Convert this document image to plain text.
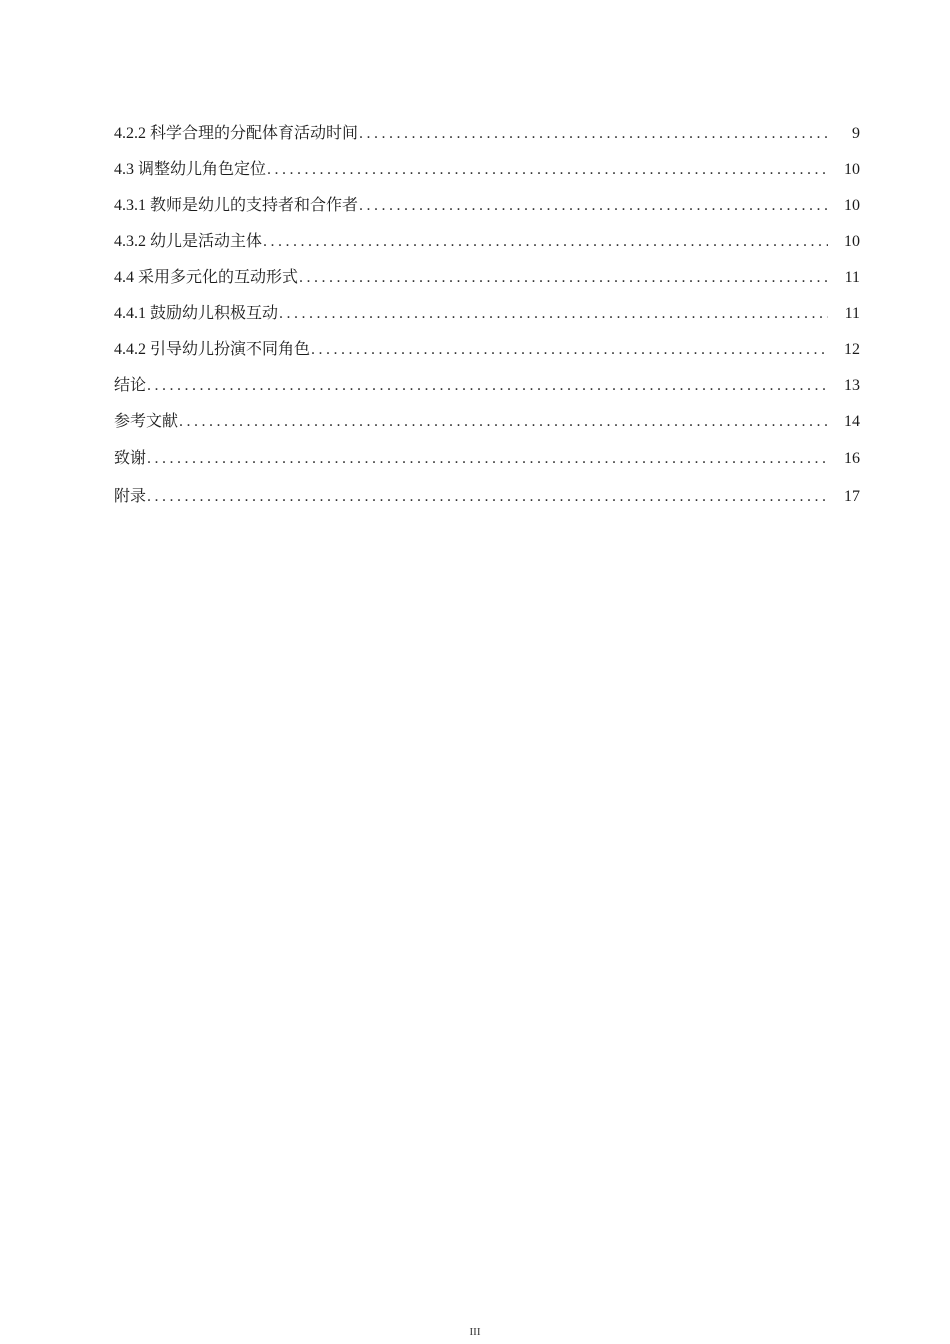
4.2.2 科学合理的分配体育活动时间 . . .	9
4.3 调整幼儿角色定位 . . .	10
4.3.1 教师是幼儿的支持者和合作者 . . .	10
4.3.2 幼儿是活动主体 . . .	10
4.4 采用多元化的互动形式 . . .	11
4.4.1 鼓励幼儿积极互动 . . .	11
4.4.2 引导幼儿扮演不同角色 . . .	12
结论 . . .	13
参考文献 . . .	14
致谢 . . .	16
附录 . . .	17
III
